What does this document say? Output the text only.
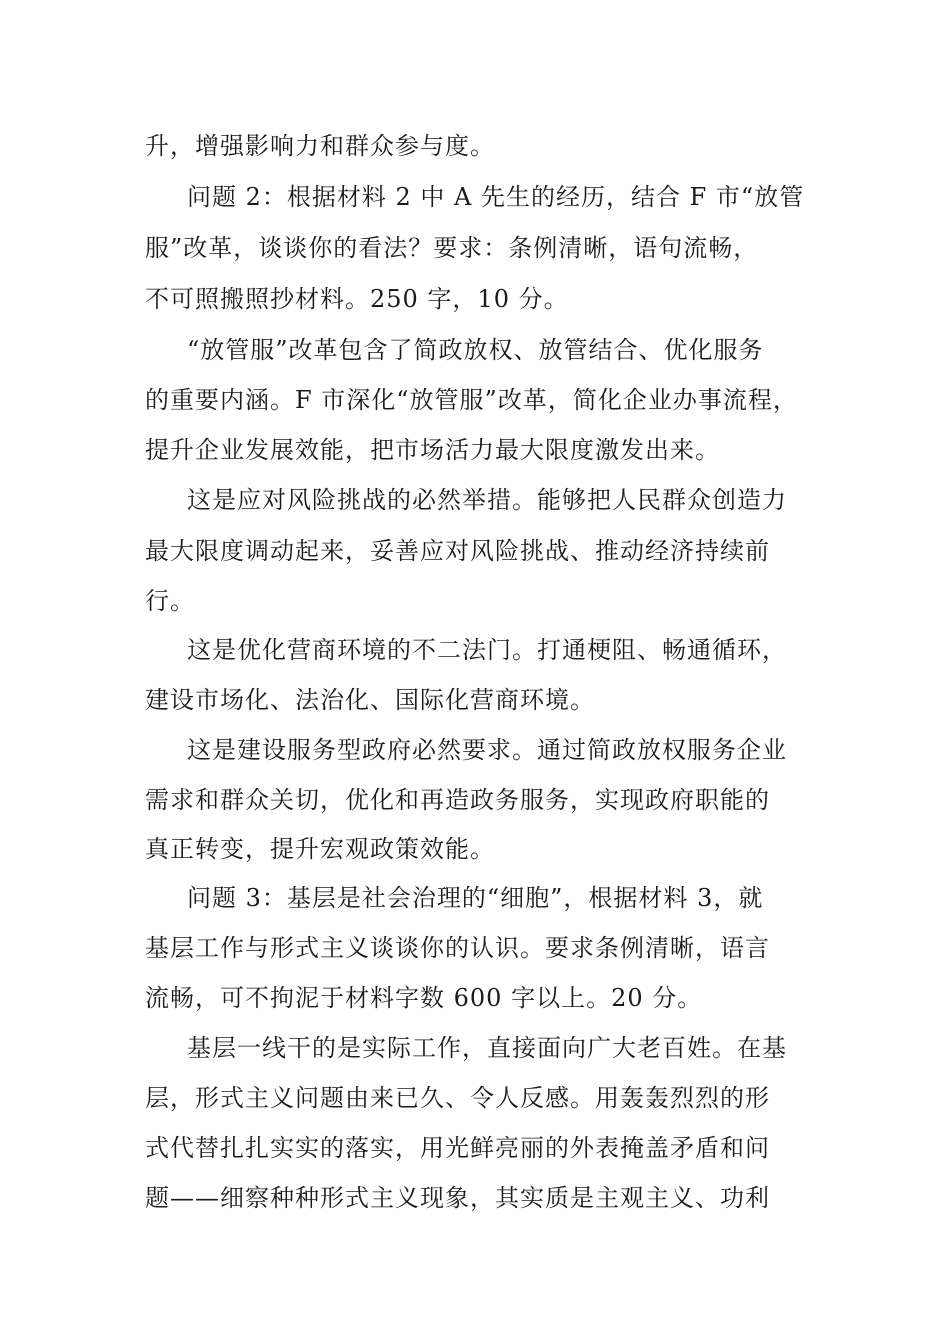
升，增强影响力和群众参与度。
问题 2：根据材料 2 中 A 先生的经历，结合 F 市“放管
服”改革，谈谈你的看法？要求：条例清晰，语句流畅，
不可照搬照抄材料。250 字，10 分。
“放管服”改革包含了简政放权、放管结合、优化服务
的重要内涵。F 市深化“放管服”改革，简化企业办事流程，
提升企业发展效能，把市场活力最大限度激发出来。
这是应对风险挑战的必然举措。能够把人民群众创造力
最大限度调动起来，妥善应对风险挑战、推动经济持续前
行。
这是优化营商环境的不二法门。打通梗阻、畅通循环，
建设市场化、法治化、国际化营商环境。
这是建设服务型政府必然要求。通过简政放权服务企业
需求和群众关切，优化和再造政务服务，实现政府职能的
真正转变，提升宏观政策效能。
问题 3：基层是社会治理的“细胞”，根据材料 3，就
基层工作与形式主义谈谈你的认识。要求条例清晰，语言
流畅，可不拘泥于材料字数 600 字以上。20 分。
基层一线干的是实际工作，直接面向广大老百姓。在基
层，形式主义问题由来已久、令人反感。用轰轰烈烈的形
式代替扎扎实实的落实，用光鲜亮丽的外表掩盖矛盾和问
题——细察种种形式主义现象，其实质是主观主义、功利
